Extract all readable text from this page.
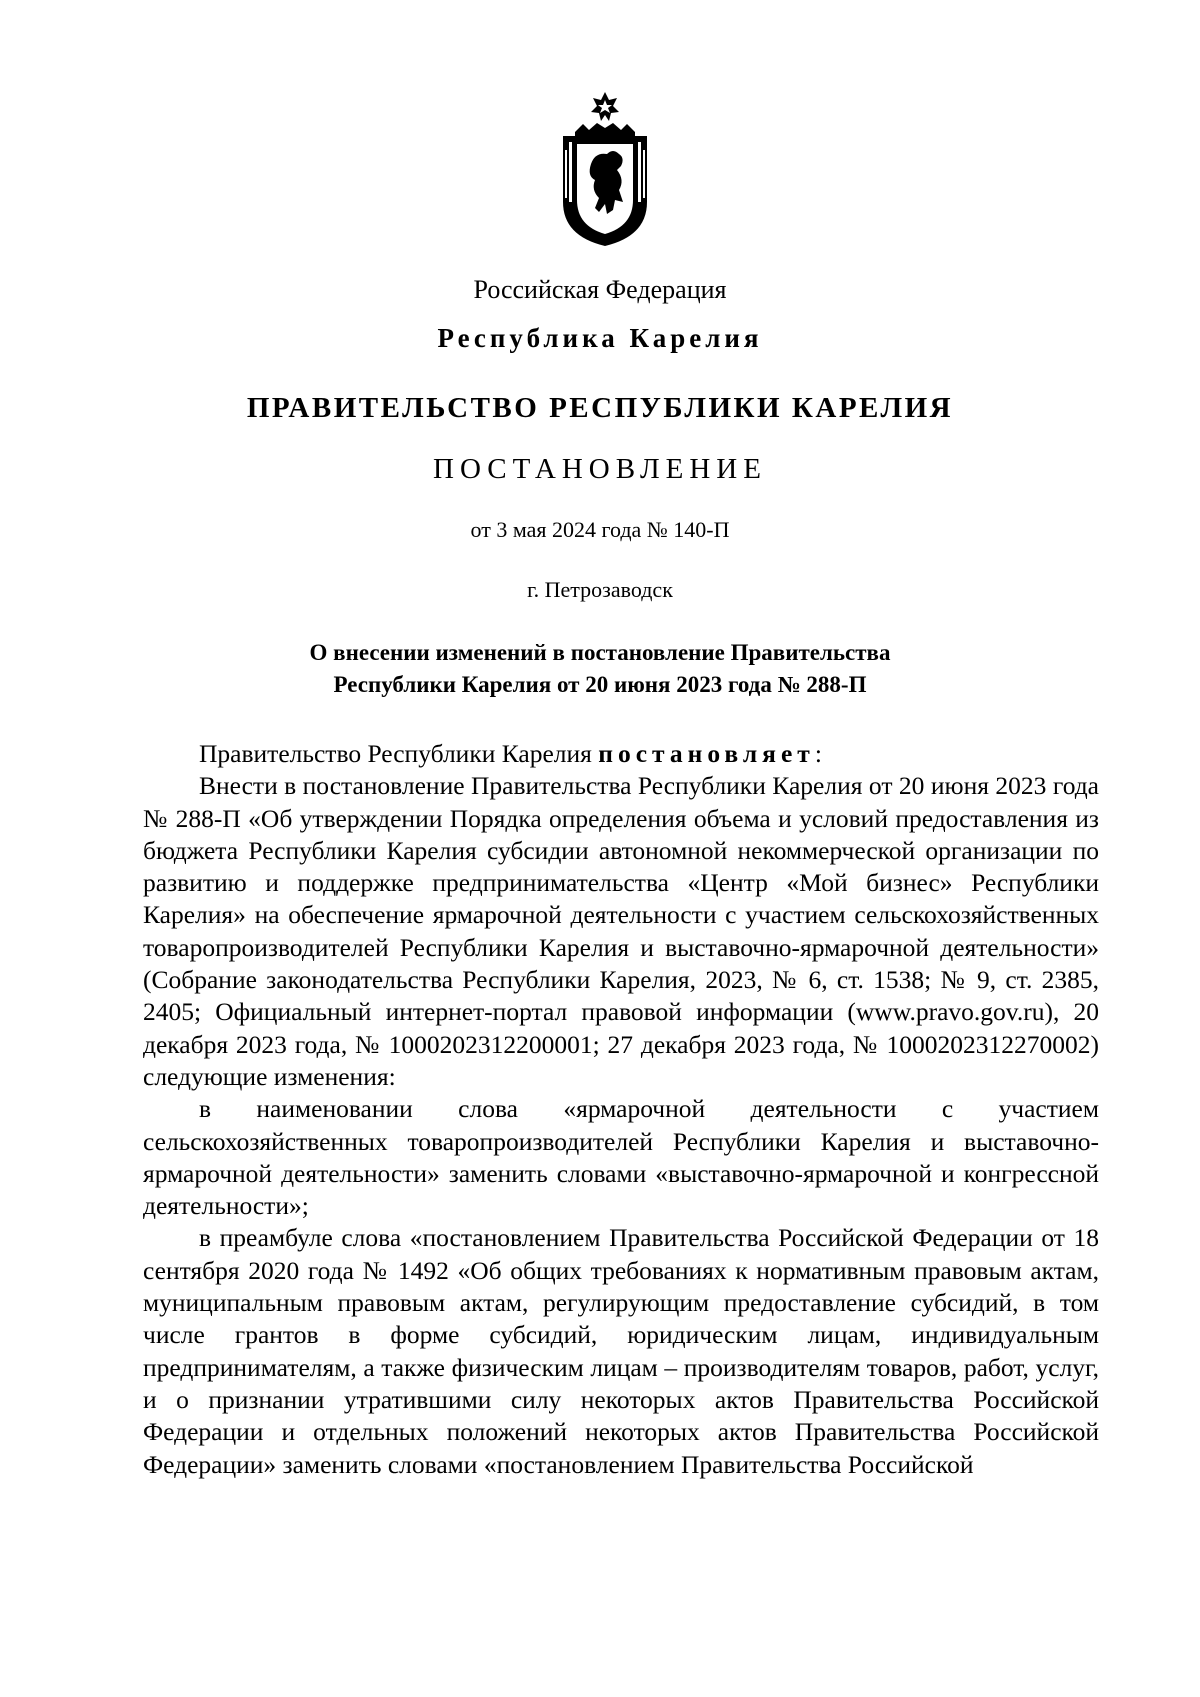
Российская Федерация
Республика Карелия
ПРАВИТЕЛЬСТВО РЕСПУБЛИКИ КАРЕЛИЯ
ПОСТАНОВЛЕНИЕ
от 3 мая 2024 года № 140-П
г. Петрозаводск
О внесении изменений в постановление Правительства
Республики Карелия от 20 июня 2023 года № 288-П

Правительство Республики Карелия постановляет:

Внести в постановление Правительства Республики Карелия от 20 июня 2023 года № 288-П «Об утверждении Порядка определения объема и условий предоставления из бюджета Республики Карелия субсидии автономной некоммерческой организации по развитию и поддержке предпринимательства «Центр «Мой бизнес» Республики Карелия» на обеспечение ярмарочной деятельности с участием сельскохозяйственных товаропроизводителей Республики Карелия и выставочно-ярмарочной деятельности» (Собрание законодательства Республики Карелия, 2023, № 6, ст. 1538; № 9, ст. 2385, 2405; Официальный интернет-портал правовой информации (www.pravo.gov.ru), 20 декабря 2023 года, № 1000202312200001; 27 декабря 2023 года, № 1000202312270002) следующие изменения:

в наименовании слова «ярмарочной деятельности с участием сельскохозяйственных товаропроизводителей Республики Карелия и выставочно-ярмарочной деятельности» заменить словами «выставочно-ярмарочной и конгрессной деятельности»;

в преамбуле слова «постановлением Правительства Российской Федерации от 18 сентября 2020 года № 1492 «Об общих требованиях к нормативным правовым актам, муниципальным правовым актам, регулирующим предоставление субсидий, в том числе грантов в форме субсидий, юридическим лицам, индивидуальным предпринимателям, а также физическим лицам – производителям товаров, работ, услуг, и о признании утратившими силу некоторых актов Правительства Российской Федерации и отдельных положений некоторых актов Правительства Российской Федерации» заменить словами «постановлением Правительства Российской
